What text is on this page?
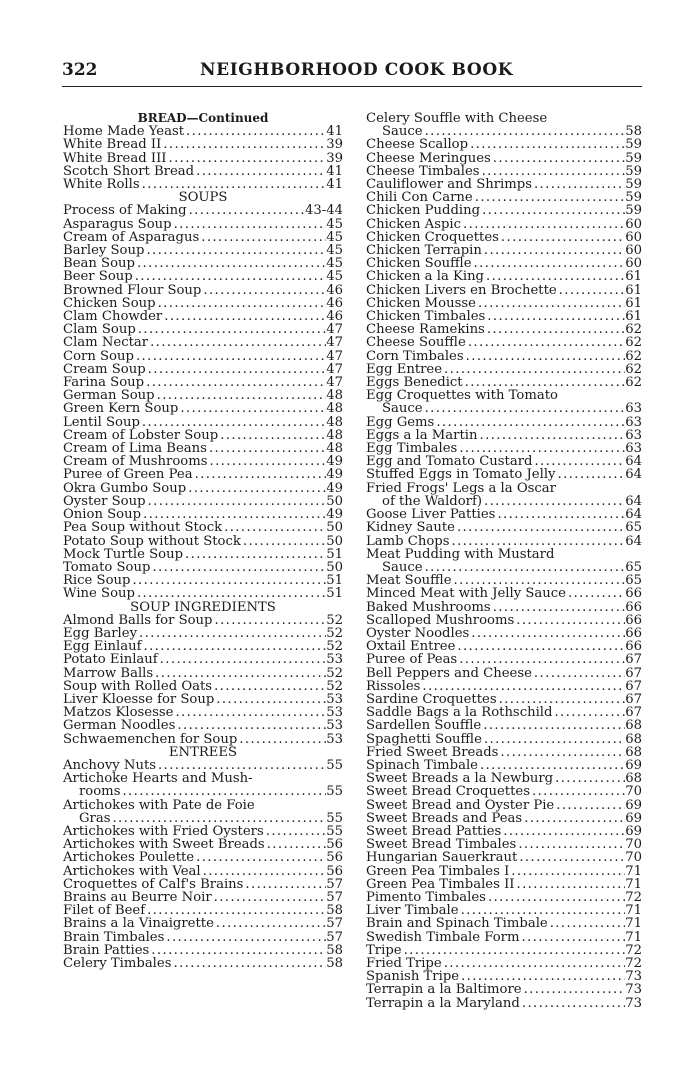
322	NEIGHBORHOOD COOK BOOK
BREAD—Continued
Home Made Yeast .....	41
White Bread II .....	39
White Bread III .....	39
Scotch Short Bread .....	41
White Rolls .....	41
SOUPS
Process of Making .....	43-44
Asparagus Soup .....	45
Cream of Asparagus .....	45
Barley Soup .....	45
Bean Soup .....	45
Beer Soup .....	45
Browned Flour Soup .....	46
Chicken Soup .....	46
Clam Chowder .....	46
Clam Soup .....	47
Clam Nectar .....	47
Corn Soup .....	47
Cream Soup .....	47
Farina Soup .....	47
German Soup .....	48
Green Kern Soup .....	48
Lentil Soup .....	48
Cream of Lobster Soup .....	48
Cream of Lima Beans .....	48
Cream of Mushrooms .....	49
Puree of Green Pea .....	49
Okra Gumbo Soup .....	49
Oyster Soup .....	50
Onion Soup .....	49
Pea Soup without Stock .....	50
Potato Soup without Stock .....	50
Mock Turtle Soup .....	51
Tomato Soup .....	50
Rice Soup .....	51
Wine Soup .....	51
SOUP INGREDIENTS
Almond Balls for Soup .....	52
Egg Barley .....	52
Egg Einlauf .....	52
Potato Einlauf .....	53
Marrow Balls .....	52
Soup with Rolled Oats .....	52
Liver Kloesse for Soup .....	53
Matzos Klosesse .....	53
German Noodles .....	53
Schwaemenchen for Soup .....	53
ENTREES
Anchovy Nuts .....	55
Artichoke Hearts and Mush-
rooms .....	55
Artichokes with Pate de Foie
Gras .....	55
Artichokes with Fried Oysters .....	55
Artichokes with Sweet Breads .....	56
Artichokes Poulette .....	56
Artichokes with Veal .....	56
Croquettes of Calf's Brains .....	57
Brains au Beurre Noir .....	57
Filet of Beef .....	58
Brains a la Vinaigrette .....	57
Brain Timbales .....	57
Brain Patties .....	58
Celery Timbales .....	58
Celery Souffle with Cheese
Sauce .....	58
Cheese Scallop .....	59
Cheese Meringues .....	59
Cheese Timbales .....	59
Cauliflower and Shrimps .....	59
Chili Con Carne .....	59
Chicken Pudding .....	59
Chicken Aspic .....	60
Chicken Croquettes .....	60
Chicken Terrapin .....	60
Chicken Souffle .....	60
Chicken a la King .....	61
Chicken Livers en Brochette .....	61
Chicken Mousse .....	61
Chicken Timbales .....	61
Cheese Ramekins .....	62
Cheese Souffle .....	62
Corn Timbales .....	62
Egg Entree .....	62
Eggs Benedict .....	62
Egg Croquettes with Tomato
Sauce .....	63
Egg Gems .....	63
Eggs a la Martin .....	63
Egg Timbales .....	63
Egg and Tomato Custard .....	64
Stuffed Eggs in Tomato Jelly .....	64
Fried Frogs' Legs a la Oscar
of the Waldorf) .....	64
Goose Liver Patties .....	64
Kidney Saute .....	65
Lamb Chops .....	64
Meat Pudding with Mustard
Sauce .....	65
Meat Souffle .....	65
Minced Meat with Jelly Sauce .....	66
Baked Mushrooms .....	66
Scalloped Mushrooms .....	66
Oyster Noodles .....	66
Oxtail Entree .....	66
Puree of Peas .....	67
Bell Peppers and Cheese .....	67
Rissoles .....	67
Sardine Croquettes .....	67
Saddle Bags a la Rothschild .....	67
Sardellen Souffle .....	68
Spaghetti Souffle .....	68
Fried Sweet Breads .....	68
Spinach Timbale .....	69
Sweet Breads a la Newburg .....	68
Sweet Bread Croquettes .....	70
Sweet Bread and Oyster Pie .....	69
Sweet Breads and Peas .....	69
Sweet Bread Patties .....	69
Sweet Bread Timbales .....	70
Hungarian Sauerkraut .....	70
Green Pea Timbales I .....	71
Green Pea Timbales II .....	71
Pimento Timbales .....	72
Liver Timbale .....	71
Brain and Spinach Timbale .....	71
Swedish Timbale Form .....	71
Tripe .....	72
Fried Tripe .....	72
Spanish Tripe .....	73
Terrapin a la Baltimore .....	73
Terrapin a la Maryland .....	73
